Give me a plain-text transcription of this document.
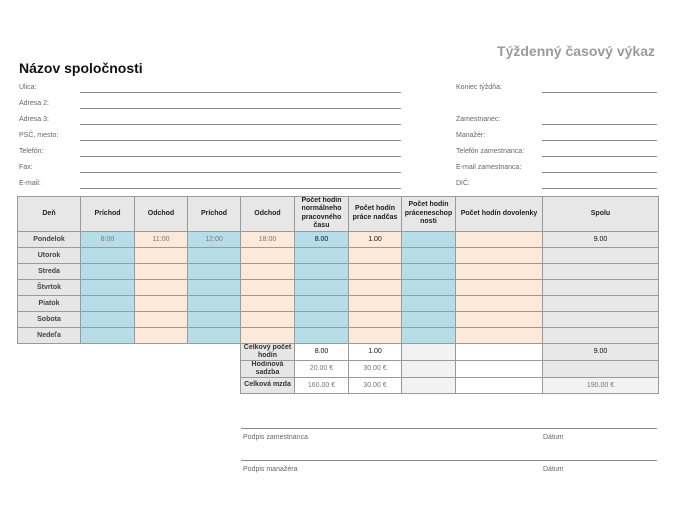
Týždenný časový výkaz
Názov spoločnosti
Ulica:
Adresa 2:
Adresa 3:
PSČ, mesto:
Telefón:
Fax:
E-mail:
Koniec týždňa:
Zamestnanec:
Manažér:
Telefón zamestnanca:
E-mail zamestnanca:
DIČ:
Deň	Príchod	Odchod	Príchod	Odchod	Počet hodín normálneho pracovného času	Počet hodín práce nadčas	Počet hodín práceneschop nosti	Počet hodín dovolenky	Spolu
Pondelok	8:00	11:00	12:00	18:00	8.00	1.00			9.00
Utorok									
Streda									
Štvrtok									
Piatok									
Sobota									
Nedeľa									
				Celkový počet hodín	8.00	1.00			9.00
				Hodinová sadzba	20.00 €	30.00 €			
				Celková mzda	160.00 €	30.00 €			190.00 €
Podpis zamestnanca	Dátum
Podpis manažéra	Dátum
